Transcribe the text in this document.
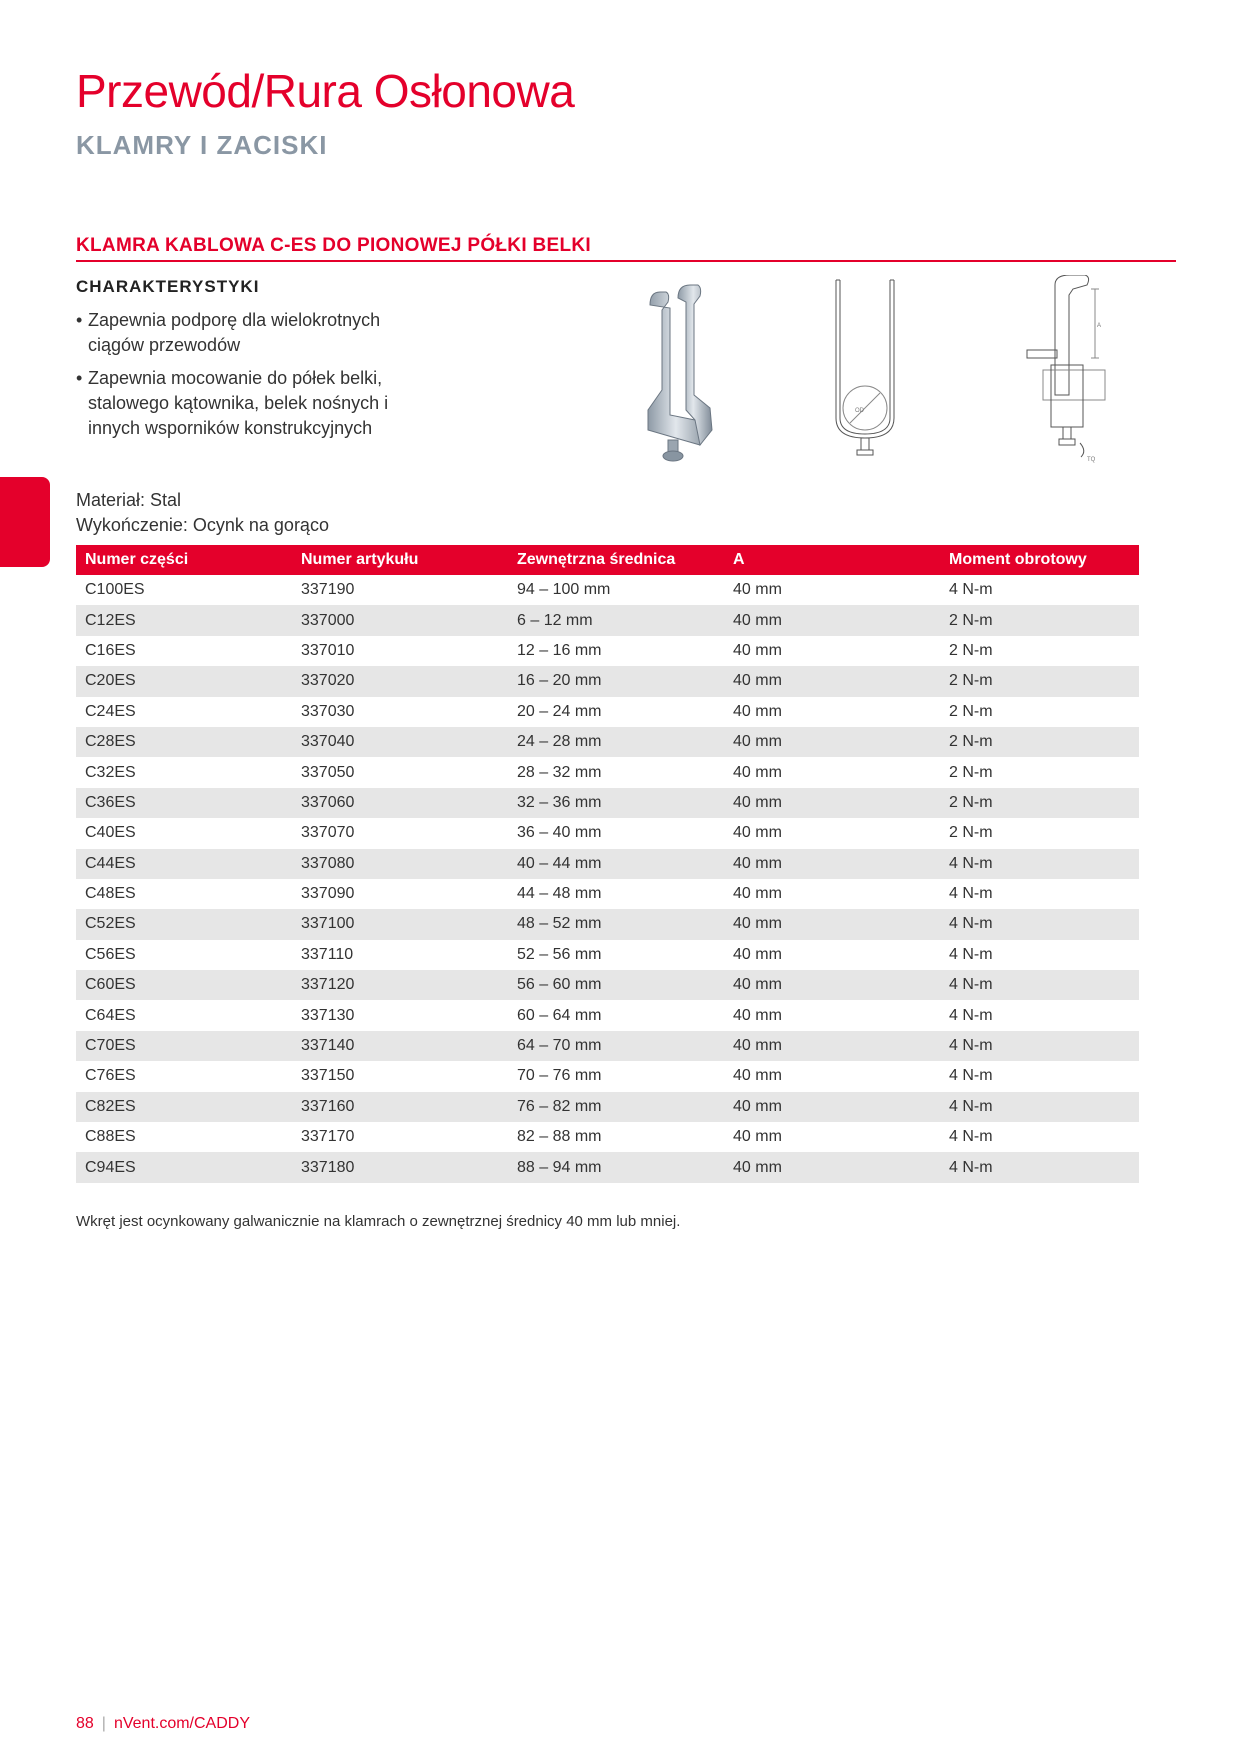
Przewód/Rura Osłonowa
KLAMRY I ZACISKI
KLAMRA KABLOWA C-ES DO PIONOWEJ PÓŁKI BELKI
CHARAKTERYSTYKI
• Zapewnia podporę dla wielokrotnych ciągów przewodów
• Zapewnia mocowanie do półek belki, stalowego kątownika, belek nośnych i innych wsporników konstrukcyjnych
OD
A
TQ
Materiał: Stal
Wykończenie: Ocynk na gorąco
Numer części	Numer artykułu	Zewnętrzna średnica	A	Moment obrotowy
C100ES	337190	94 – 100 mm	40 mm	4 N-m
C12ES	337000	6 – 12 mm	40 mm	2 N-m
C16ES	337010	12 – 16 mm	40 mm	2 N-m
C20ES	337020	16 – 20 mm	40 mm	2 N-m
C24ES	337030	20 – 24 mm	40 mm	2 N-m
C28ES	337040	24 – 28 mm	40 mm	2 N-m
C32ES	337050	28 – 32 mm	40 mm	2 N-m
C36ES	337060	32 – 36 mm	40 mm	2 N-m
C40ES	337070	36 – 40 mm	40 mm	2 N-m
C44ES	337080	40 – 44 mm	40 mm	4 N-m
C48ES	337090	44 – 48 mm	40 mm	4 N-m
C52ES	337100	48 – 52 mm	40 mm	4 N-m
C56ES	337110	52 – 56 mm	40 mm	4 N-m
C60ES	337120	56 – 60 mm	40 mm	4 N-m
C64ES	337130	60 – 64 mm	40 mm	4 N-m
C70ES	337140	64 – 70 mm	40 mm	4 N-m
C76ES	337150	70 – 76 mm	40 mm	4 N-m
C82ES	337160	76 – 82 mm	40 mm	4 N-m
C88ES	337170	82 – 88 mm	40 mm	4 N-m
C94ES	337180	88 – 94 mm	40 mm	4 N-m
Wkręt jest ocynkowany galwanicznie na klamrach o zewnętrznej średnicy 40 mm lub mniej.
88 | nVent.com/CADDY
